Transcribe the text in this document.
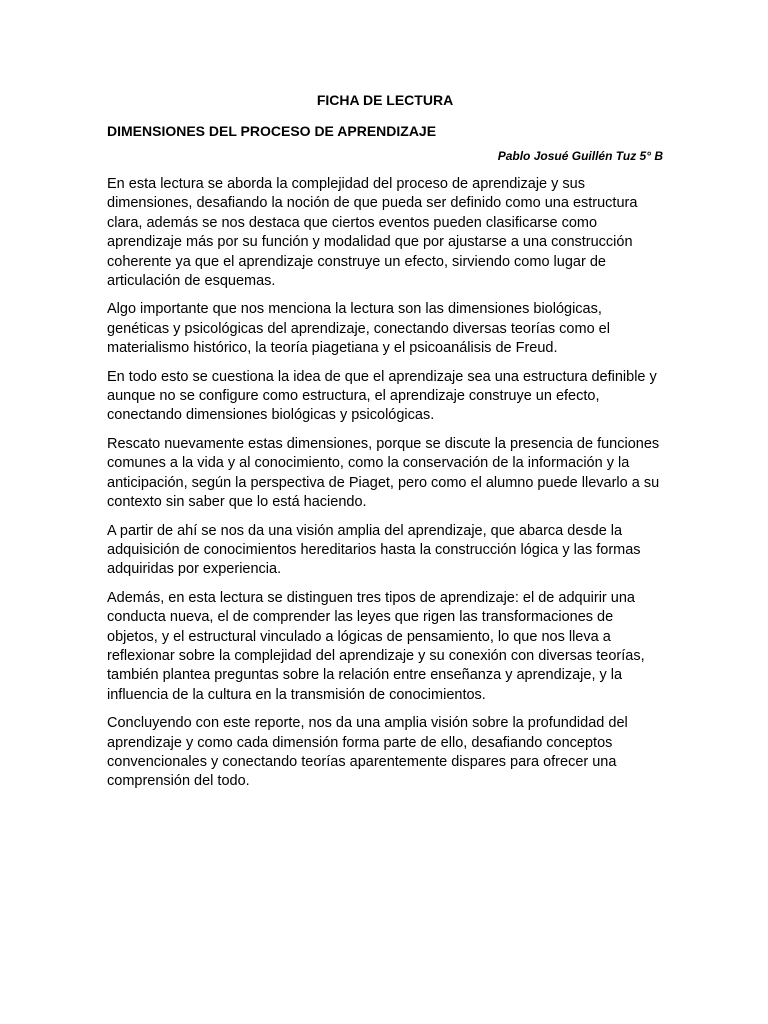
FICHA DE LECTURA
DIMENSIONES DEL PROCESO DE APRENDIZAJE
Pablo Josué Guillén Tuz 5° B

En esta lectura se aborda la complejidad del proceso de aprendizaje y sus dimensiones, desafiando la noción de que pueda ser definido como una estructura clara, además se nos destaca que ciertos eventos pueden clasificarse como aprendizaje más por su función y modalidad que por ajustarse a una construcción coherente ya que el aprendizaje construye un efecto, sirviendo como lugar de articulación de esquemas.

Algo importante que nos menciona la lectura son las dimensiones biológicas, genéticas y psicológicas del aprendizaje, conectando diversas teorías como el materialismo histórico, la teoría piagetiana y el psicoanálisis de Freud.

En todo esto se cuestiona la idea de que el aprendizaje sea una estructura definible y aunque no se configure como estructura, el aprendizaje construye un efecto, conectando dimensiones biológicas y psicológicas.

Rescato nuevamente estas dimensiones, porque se discute la presencia de funciones comunes a la vida y al conocimiento, como la conservación de la información y la anticipación, según la perspectiva de Piaget, pero como el alumno puede llevarlo a su contexto sin saber que lo está haciendo.

A partir de ahí se nos da una visión amplia del aprendizaje, que abarca desde la adquisición de conocimientos hereditarios hasta la construcción lógica y las formas adquiridas por experiencia.

Además, en esta lectura se distinguen tres tipos de aprendizaje: el de adquirir una conducta nueva, el de comprender las leyes que rigen las transformaciones de objetos, y el estructural vinculado a lógicas de pensamiento, lo que nos lleva a reflexionar sobre la complejidad del aprendizaje y su conexión con diversas teorías, también plantea preguntas sobre la relación entre enseñanza y aprendizaje, y la influencia de la cultura en la transmisión de conocimientos.

Concluyendo con este reporte, nos da una amplia visión sobre la profundidad del aprendizaje y como cada dimensión forma parte de ello, desafiando conceptos convencionales y conectando teorías aparentemente dispares para ofrecer una comprensión del todo.
